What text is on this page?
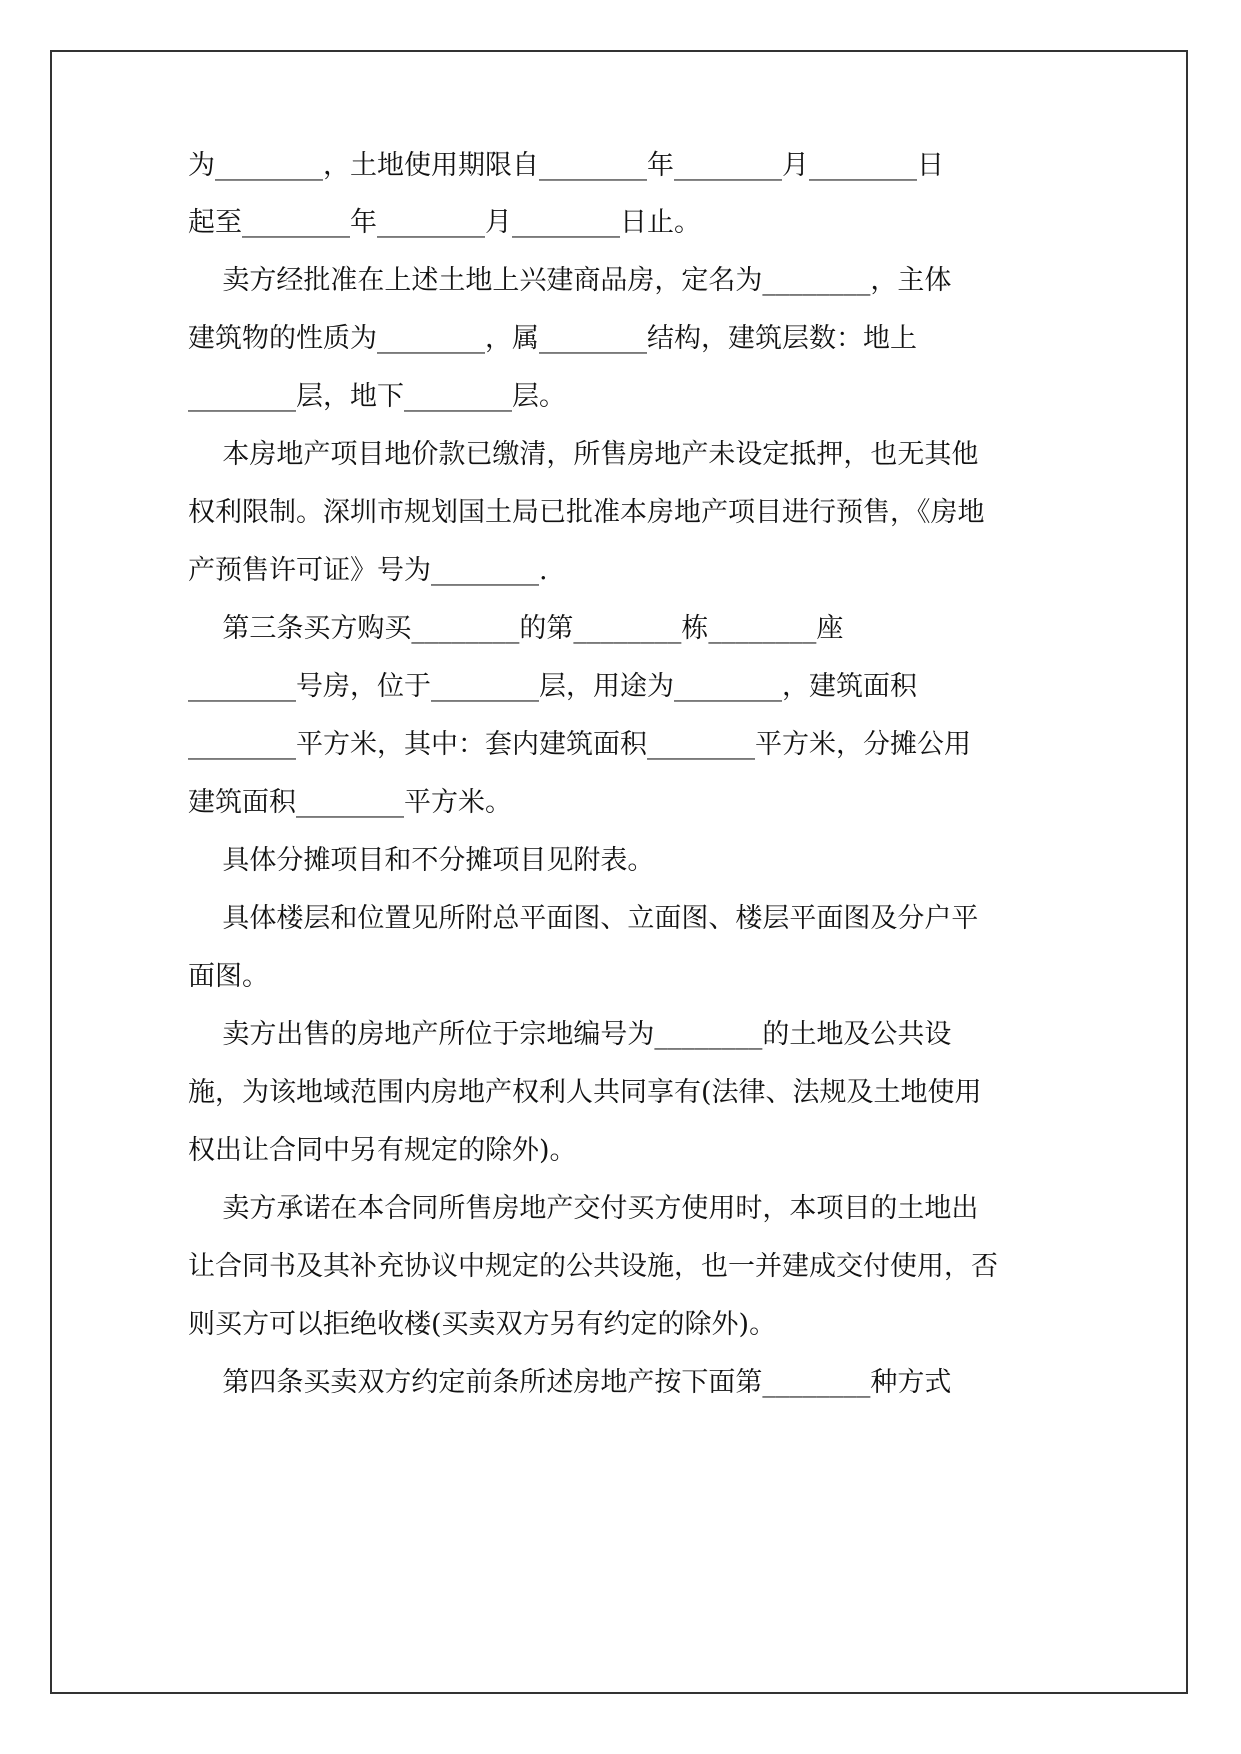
为________，土地使用期限自________年________月________日
起至________年________月________日止。
卖方经批准在上述土地上兴建商品房，定名为________，主体
建筑物的性质为________，属________结构，建筑层数：地上
________层，地下________层。
本房地产项目地价款已缴清，所售房地产未设定抵押，也无其他
权利限制。深圳市规划国土局已批准本房地产项目进行预售，《房地
产预售许可证》号为________.
第三条买方购买________的第________栋________座
________号房，位于________层，用途为________，建筑面积
________平方米，其中：套内建筑面积________平方米，分摊公用
建筑面积________平方米。
具体分摊项目和不分摊项目见附表。
具体楼层和位置见所附总平面图、立面图、楼层平面图及分户平
面图。
卖方出售的房地产所位于宗地编号为________的土地及公共设
施，为该地域范围内房地产权利人共同享有(法律、法规及土地使用
权出让合同中另有规定的除外)。
卖方承诺在本合同所售房地产交付买方使用时，本项目的土地出
让合同书及其补充协议中规定的公共设施，也一并建成交付使用，否
则买方可以拒绝收楼(买卖双方另有约定的除外)。
第四条买卖双方约定前条所述房地产按下面第________种方式
